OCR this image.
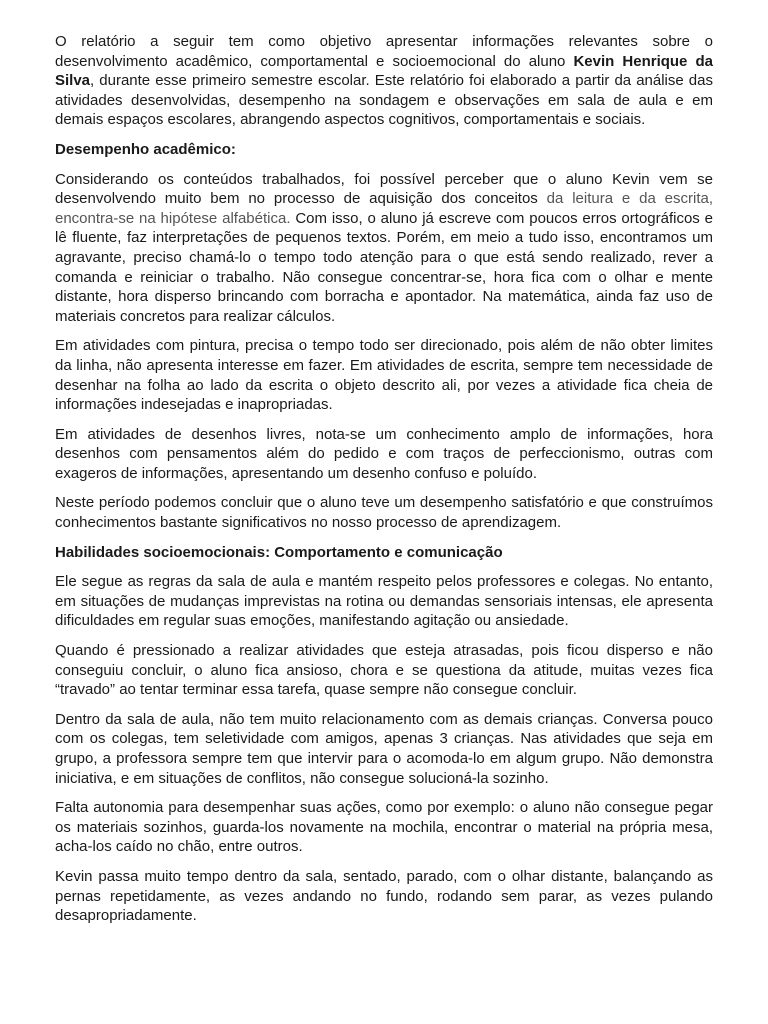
O relatório a seguir tem como objetivo apresentar informações relevantes sobre o desenvolvimento acadêmico, comportamental e socioemocional do aluno Kevin Henrique da Silva, durante esse primeiro semestre escolar. Este relatório foi elaborado a partir da análise das atividades desenvolvidas, desempenho na sondagem e observações em sala de aula e em demais espaços escolares, abrangendo aspectos cognitivos, comportamentais e sociais.

Desempenho acadêmico:

Considerando os conteúdos trabalhados, foi possível perceber que o aluno Kevin vem se desenvolvendo muito bem no processo de aquisição dos conceitos da leitura e da escrita, encontra-se na hipótese alfabética. Com isso, o aluno já escreve com poucos erros ortográficos e lê fluente, faz interpretações de pequenos textos. Porém, em meio a tudo isso, encontramos um agravante, preciso chamá-lo o tempo todo atenção para o que está sendo realizado, rever a comanda e reiniciar o trabalho. Não consegue concentrar-se, hora fica com o olhar e mente distante, hora disperso brincando com borracha e apontador. Na matemática, ainda faz uso de materiais concretos para realizar cálculos.

Em atividades com pintura, precisa o tempo todo ser direcionado, pois além de não obter limites da linha, não apresenta interesse em fazer. Em atividades de escrita, sempre tem necessidade de desenhar na folha ao lado da escrita o objeto descrito ali, por vezes a atividade fica cheia de informações indesejadas e inapropriadas.

Em atividades de desenhos livres, nota-se um conhecimento amplo de informações, hora desenhos com pensamentos além do pedido e com traços de perfeccionismo, outras com exageros de informações, apresentando um desenho confuso e poluído.

Neste período podemos concluir que o aluno teve um desempenho satisfatório e que construímos conhecimentos bastante significativos no nosso processo de aprendizagem.

Habilidades socioemocionais: Comportamento e comunicação

Ele segue as regras da sala de aula e mantém respeito pelos professores e colegas. No entanto, em situações de mudanças imprevistas na rotina ou demandas sensoriais intensas, ele apresenta dificuldades em regular suas emoções, manifestando agitação ou ansiedade.

Quando é pressionado a realizar atividades que esteja atrasadas, pois ficou disperso e não conseguiu concluir, o aluno fica ansioso, chora e se questiona da atitude, muitas vezes fica “travado” ao tentar terminar essa tarefa, quase sempre não consegue concluir.

Dentro da sala de aula, não tem muito relacionamento com as demais crianças. Conversa pouco com os colegas, tem seletividade com amigos, apenas 3 crianças. Nas atividades que seja em grupo, a professora sempre tem que intervir para o acomoda-lo em algum grupo. Não demonstra iniciativa, e em situações de conflitos, não consegue solucioná-la sozinho.

Falta autonomia para desempenhar suas ações, como por exemplo: o aluno não consegue pegar os materiais sozinhos, guarda-los novamente na mochila, encontrar o material na própria mesa, acha-los caído no chão, entre outros.

Kevin passa muito tempo dentro da sala, sentado, parado, com o olhar distante, balançando as pernas repetidamente, as vezes andando no fundo, rodando sem parar, as vezes pulando desapropriadamente.
